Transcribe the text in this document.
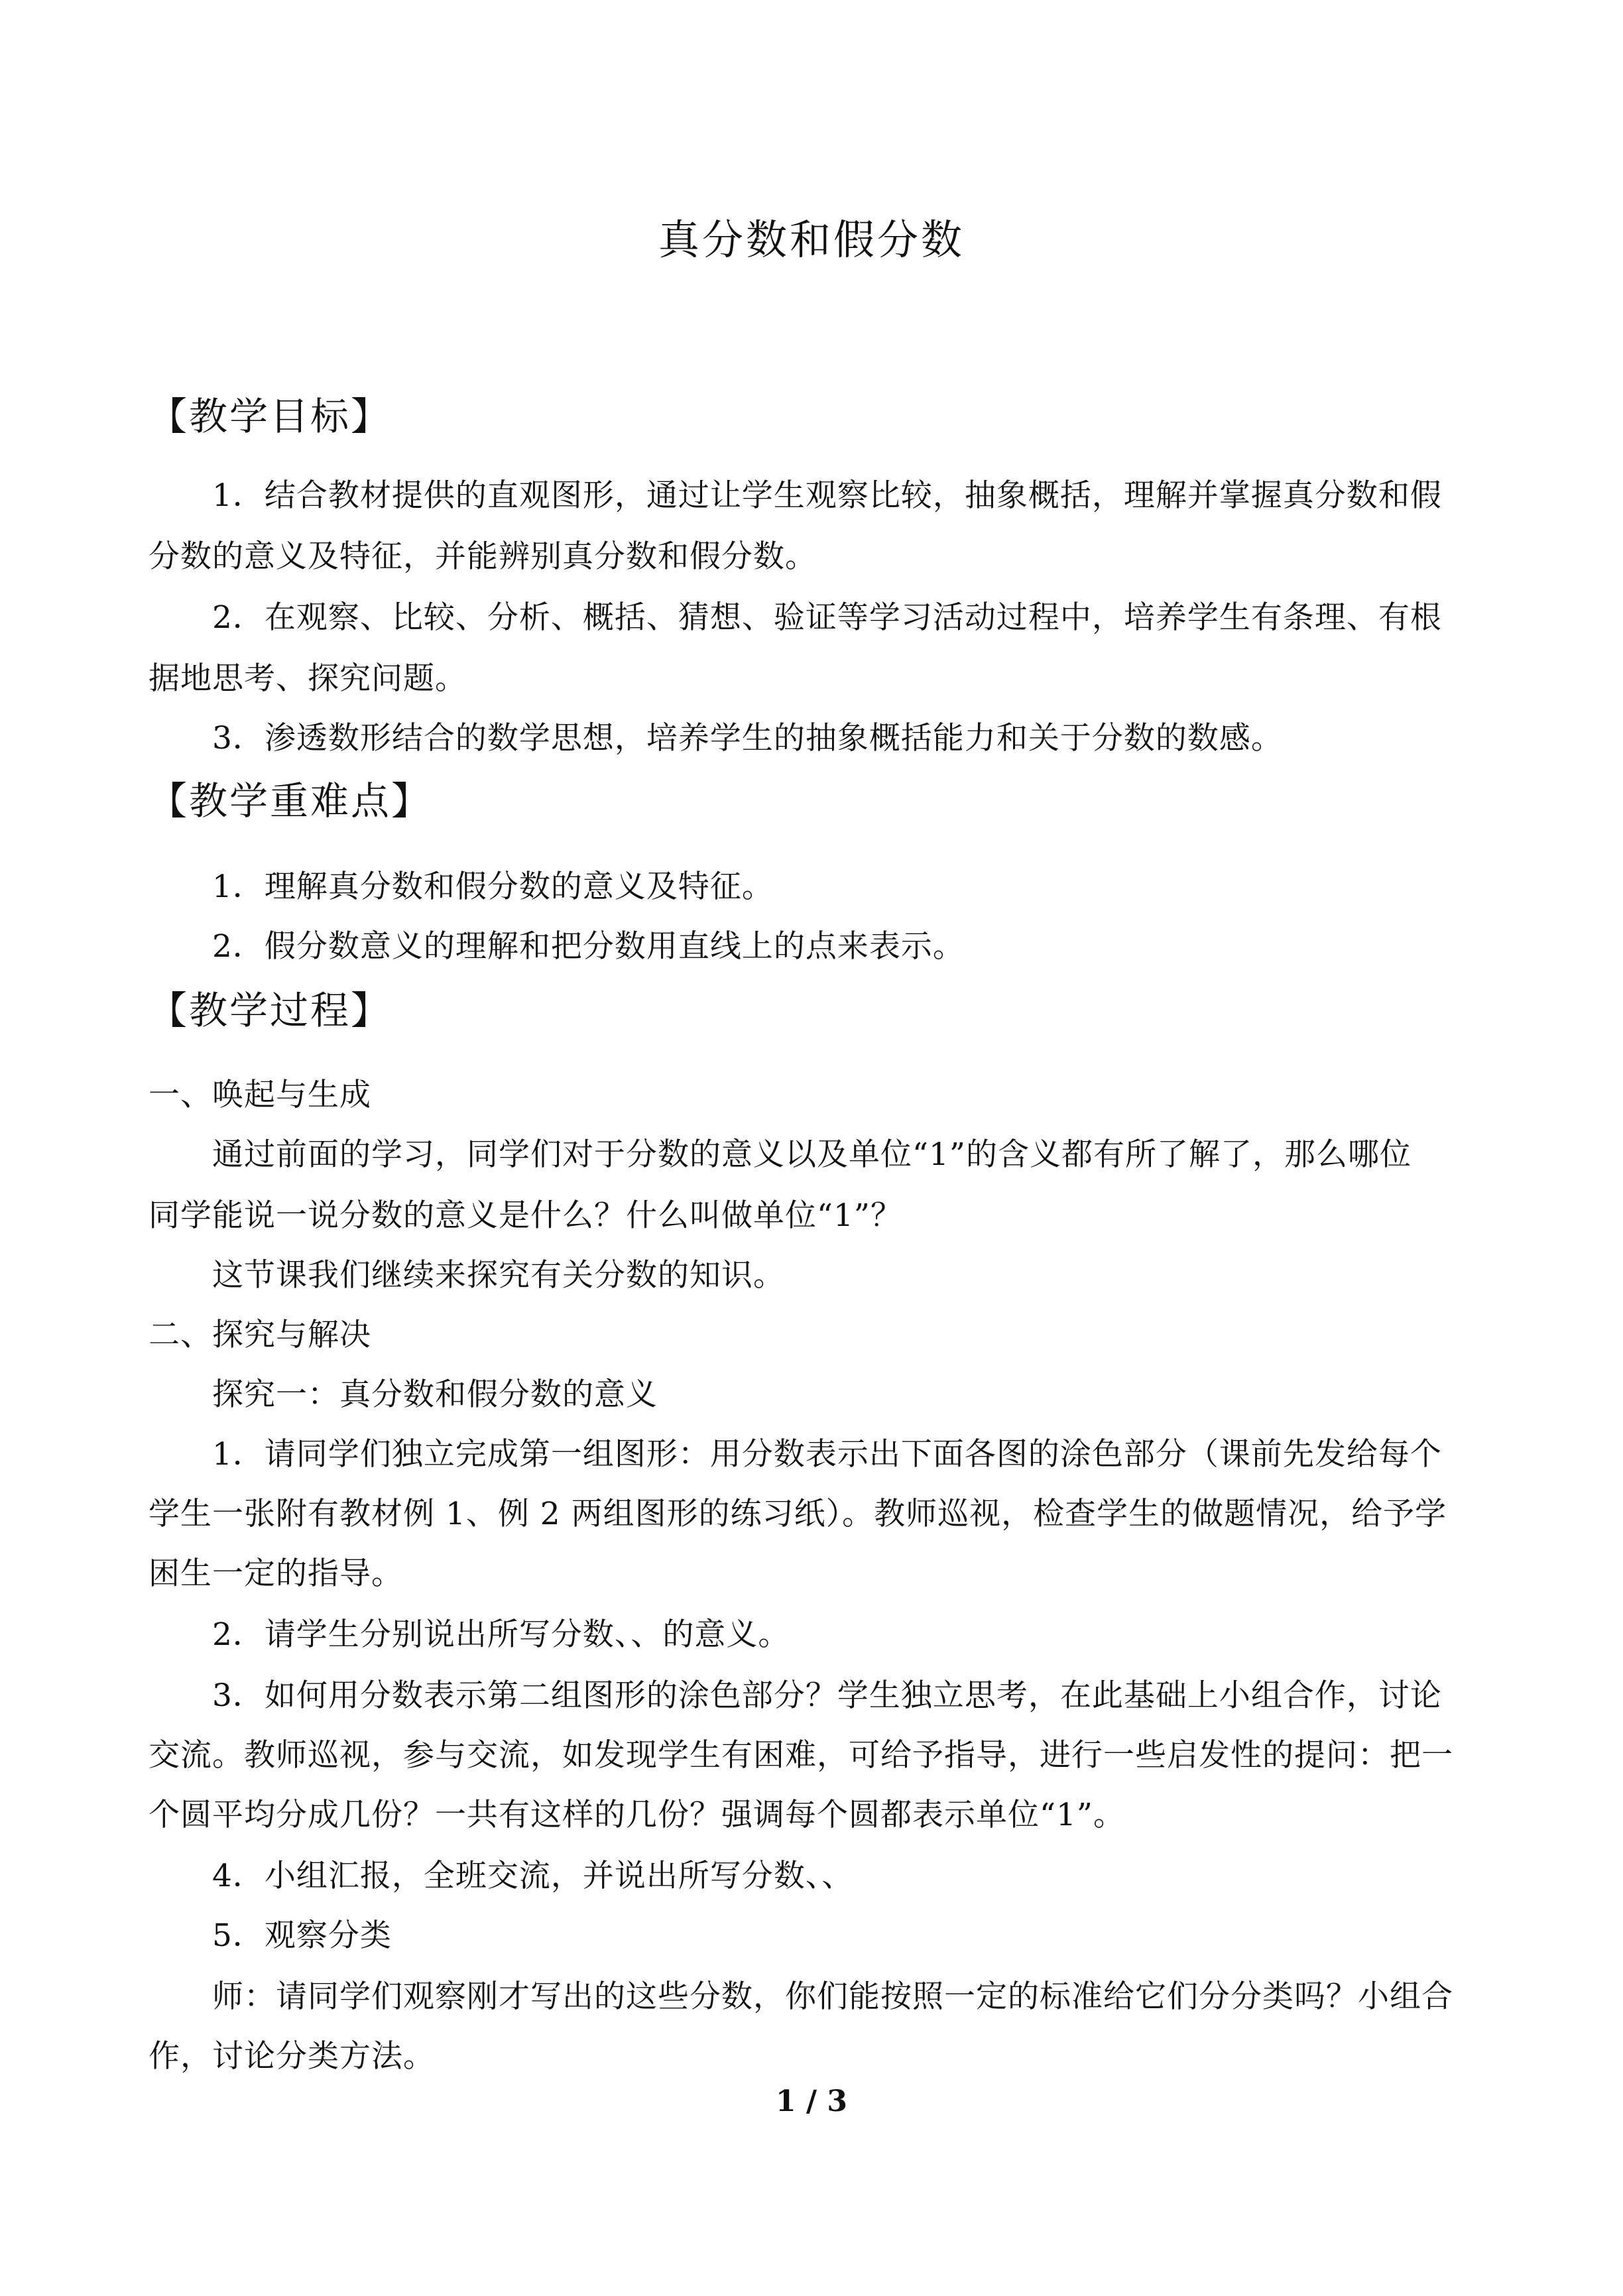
真分数和假分数
【教学目标】
1．结合教材提供的直观图形，通过让学生观察比较，抽象概括，理解并掌握真分数和假
分数的意义及特征，并能辨别真分数和假分数。
2．在观察、比较、分析、概括、猜想、验证等学习活动过程中，培养学生有条理、有根
据地思考、探究问题。
3．渗透数形结合的数学思想，培养学生的抽象概括能力和关于分数的数感。
【教学重难点】
1．理解真分数和假分数的意义及特征。
2．假分数意义的理解和把分数用直线上的点来表示。
【教学过程】
一、唤起与生成
通过前面的学习，同学们对于分数的意义以及单位“1”的含义都有所了解了，那么哪位
同学能说一说分数的意义是什么？什么叫做单位“1”？
这节课我们继续来探究有关分数的知识。
二、探究与解决
探究一：真分数和假分数的意义
1．请同学们独立完成第一组图形：用分数表示出下面各图的涂色部分（课前先发给每个
学生一张附有教材例 1、例 2 两组图形的练习纸）。教师巡视，检查学生的做题情况，给予学
困生一定的指导。
2．请学生分别说出所写分数、、的意义。
3．如何用分数表示第二组图形的涂色部分？学生独立思考，在此基础上小组合作，讨论
交流。教师巡视，参与交流，如发现学生有困难，可给予指导，进行一些启发性的提问：把一
个圆平均分成几份？一共有这样的几份？强调每个圆都表示单位“1”。
4．小组汇报，全班交流，并说出所写分数、、
5．观察分类
师：请同学们观察刚才写出的这些分数，你们能按照一定的标准给它们分分类吗？小组合
作，讨论分类方法。
1 / 3
